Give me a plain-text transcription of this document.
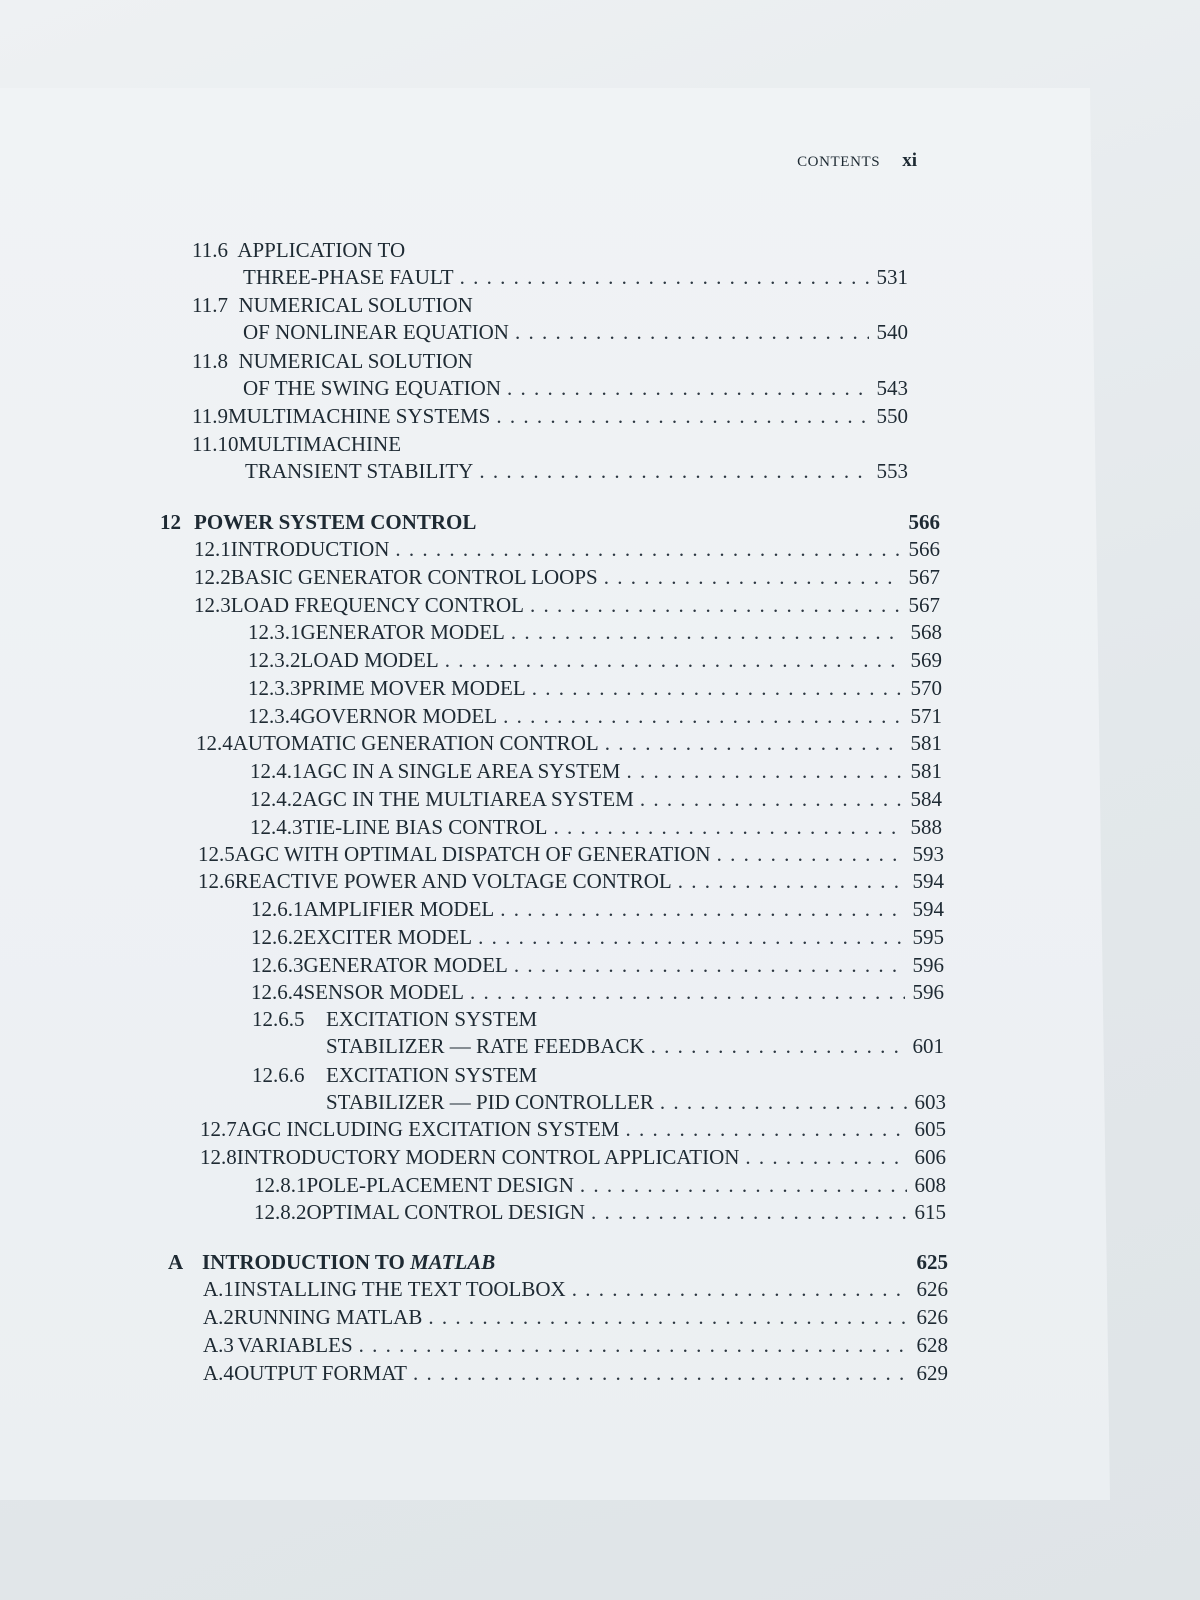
CONTENTS xi
11.6 APPLICATION TO
THREE-PHASE FAULT . . .	531
11.7 NUMERICAL SOLUTION
OF NONLINEAR EQUATION . . .	540
11.8 NUMERICAL SOLUTION
OF THE SWING EQUATION . . .	543
11.9 MULTIMACHINE SYSTEMS . . .	550
11.10MULTIMACHINE
TRANSIENT STABILITY . . .	553
12 POWER SYSTEM CONTROL	566
12.1 INTRODUCTION . . .	566
12.2 BASIC GENERATOR CONTROL LOOPS . . .	567
12.3 LOAD FREQUENCY CONTROL . . .	567
12.3.1 GENERATOR MODEL . . .	568
12.3.2 LOAD MODEL . . .	569
12.3.3 PRIME MOVER MODEL . . .	570
12.3.4 GOVERNOR MODEL . . .	571
12.4 AUTOMATIC GENERATION CONTROL . . .	581
12.4.1 AGC IN A SINGLE AREA SYSTEM . . .	581
12.4.2 AGC IN THE MULTIAREA SYSTEM . . .	584
12.4.3 TIE-LINE BIAS CONTROL . . .	588
12.5 AGC WITH OPTIMAL DISPATCH OF GENERATION . . .	593
12.6 REACTIVE POWER AND VOLTAGE CONTROL . . .	594
12.6.1 AMPLIFIER MODEL . . .	594
12.6.2 EXCITER MODEL . . .	595
12.6.3 GENERATOR MODEL . . .	596
12.6.4 SENSOR MODEL . . .	596
12.6.5 EXCITATION SYSTEM
STABILIZER — RATE FEEDBACK . . .	601
12.6.6 EXCITATION SYSTEM
STABILIZER — PID CONTROLLER . . .	603
12.7 AGC INCLUDING EXCITATION SYSTEM . . .	605
12.8 INTRODUCTORY MODERN CONTROL APPLICATION . . .	606
12.8.1 POLE-PLACEMENT DESIGN . . .	608
12.8.2 OPTIMAL CONTROL DESIGN . . .	615
A INTRODUCTION TO MATLAB	625
A.1 INSTALLING THE TEXT TOOLBOX . . .	626
A.2 RUNNING MATLAB . . .	626
A.3 VARIABLES . . .	628
A.4 OUTPUT FORMAT . . .	629
